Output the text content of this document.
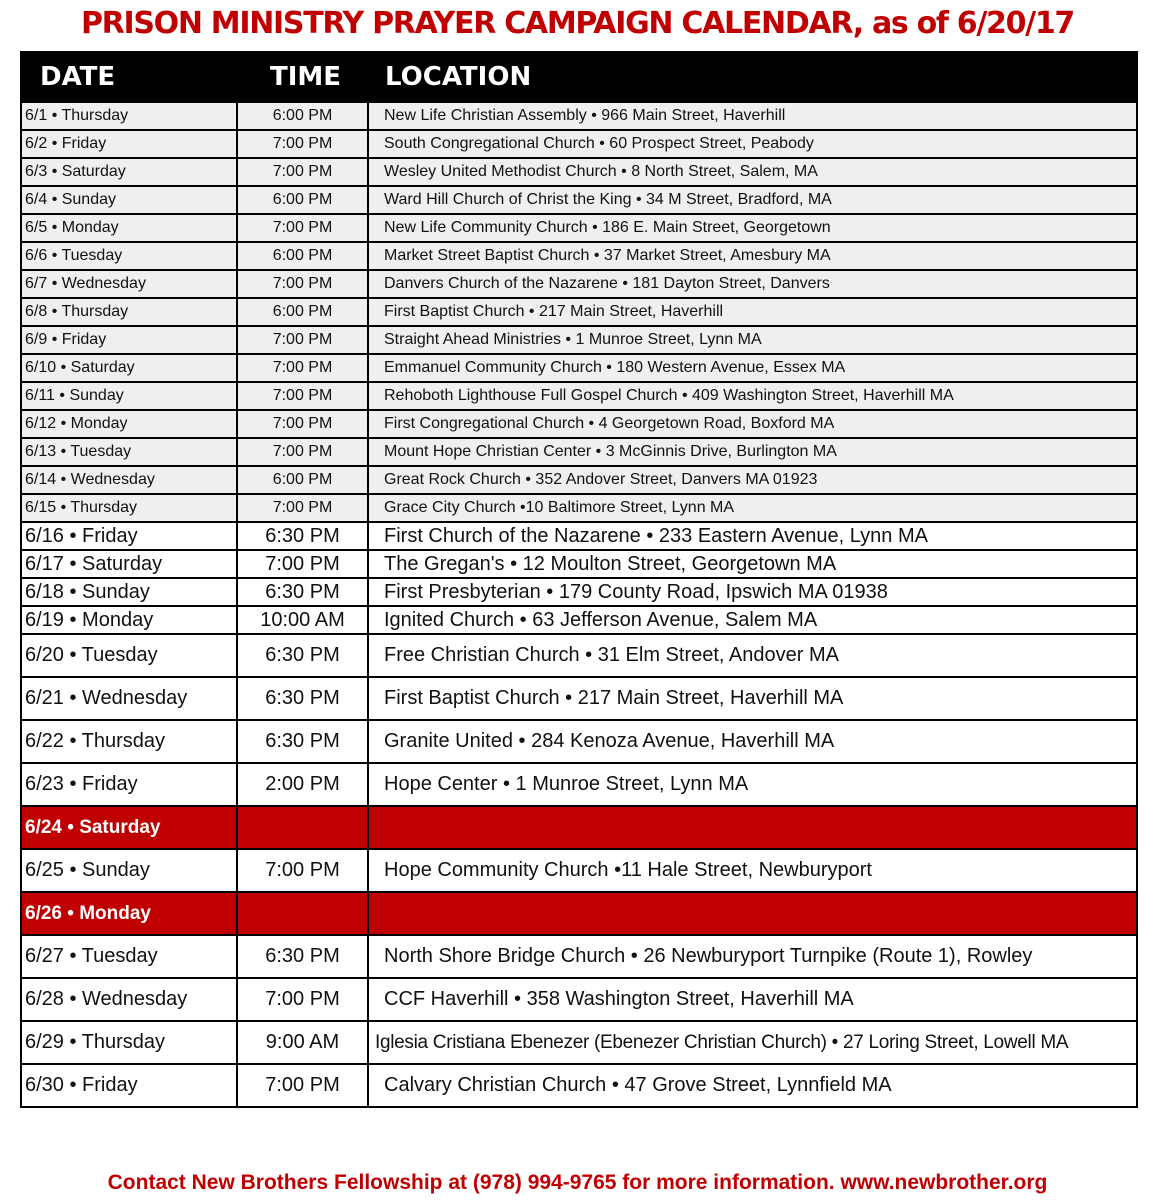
PRISON MINISTRY PRAYER CAMPAIGN CALENDAR, as of 6/20/17
DATE	TIME	LOCATION
6/1 • Thursday	6:00 PM	New Life Christian Assembly • 966 Main Street, Haverhill
6/2 • Friday	7:00 PM	South Congregational Church • 60 Prospect Street, Peabody
6/3 • Saturday	7:00 PM	Wesley United Methodist Church • 8 North Street, Salem, MA
6/4 • Sunday	6:00 PM	Ward Hill Church of Christ the King • 34 M Street, Bradford, MA
6/5 • Monday	7:00 PM	New Life Community Church • 186 E. Main Street, Georgetown
6/6 • Tuesday	6:00 PM	Market Street Baptist Church • 37 Market Street, Amesbury MA
6/7 • Wednesday	7:00 PM	Danvers Church of the Nazarene • 181 Dayton Street, Danvers
6/8 • Thursday	6:00 PM	First Baptist Church • 217 Main Street, Haverhill
6/9 • Friday	7:00 PM	Straight Ahead Ministries • 1 Munroe Street, Lynn MA
6/10 • Saturday	7:00 PM	Emmanuel Community Church • 180 Western Avenue, Essex MA
6/11 • Sunday	7:00 PM	Rehoboth Lighthouse Full Gospel Church • 409 Washington Street, Haverhill MA
6/12 • Monday	7:00 PM	First Congregational Church • 4 Georgetown Road, Boxford MA
6/13 • Tuesday	7:00 PM	Mount Hope Christian Center • 3 McGinnis Drive, Burlington MA
6/14 • Wednesday	6:00 PM	Great Rock Church • 352 Andover Street, Danvers MA 01923
6/15 • Thursday	7:00 PM	Grace City Church •10 Baltimore Street, Lynn MA
6/16 • Friday	6:30 PM	First Church of the Nazarene • 233 Eastern Avenue, Lynn MA
6/17 • Saturday	7:00 PM	The Gregan's • 12 Moulton Street, Georgetown MA
6/18 • Sunday	6:30 PM	First Presbyterian • 179 County Road, Ipswich MA 01938
6/19 • Monday	10:00 AM	Ignited Church • 63 Jefferson Avenue, Salem MA
6/20 • Tuesday	6:30 PM	Free Christian Church • 31 Elm Street, Andover MA
6/21 • Wednesday	6:30 PM	First Baptist Church • 217 Main Street, Haverhill MA
6/22 • Thursday	6:30 PM	Granite United • 284 Kenoza Avenue, Haverhill MA
6/23 • Friday	2:00 PM	Hope Center • 1 Munroe Street, Lynn MA
6/24 • Saturday		
6/25 • Sunday	7:00 PM	Hope Community Church •11 Hale Street, Newburyport
6/26 • Monday		
6/27 • Tuesday	6:30 PM	North Shore Bridge Church • 26 Newburyport Turnpike (Route 1), Rowley
6/28 • Wednesday	7:00 PM	CCF Haverhill • 358 Washington Street, Haverhill MA
6/29 • Thursday	9:00 AM	Iglesia Cristiana Ebenezer (Ebenezer Christian Church) • 27 Loring Street, Lowell MA
6/30 • Friday	7:00 PM	Calvary Christian Church • 47 Grove Street, Lynnfield MA
Contact New Brothers Fellowship at (978) 994-9765 for more information. www.newbrother.org
